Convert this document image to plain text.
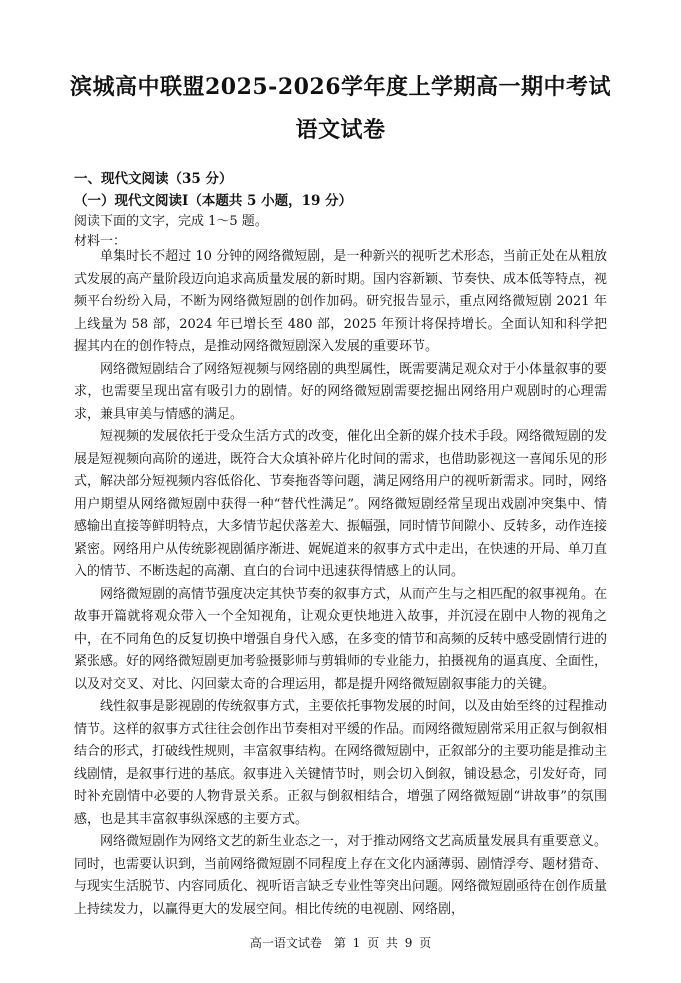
滨城高中联盟2025-2026学年度上学期高一期中考试
语文试卷
一、现代文阅读（35 分）
（一）现代文阅读Ⅰ（本题共 5 小题，19 分）
阅读下面的文字，完成 1～5 题。
材料一：

单集时长不超过 10 分钟的网络微短剧，是一种新兴的视听艺术形态，当前正处在从粗放式发展的高产量阶段迈向追求高质量发展的新时期。国内容新颖、节奏快、成本低等特点，视频平台纷纷入局，不断为网络微短剧的创作加码。研究报告显示，重点网络微短剧 2021 年上线量为 58 部，2024 年已增长至 480 部，2025 年预计将保持增长。全面认知和科学把握其内在的创作特点，是推动网络微短剧深入发展的重要环节。

网络微短剧结合了网络短视频与网络剧的典型属性，既需要满足观众对于小体量叙事的要求，也需要呈现出富有吸引力的剧情。好的网络微短剧需要挖掘出网络用户观剧时的心理需求，兼具审美与情感的满足。

短视频的发展依托于受众生活方式的改变，催化出全新的媒介技术手段。网络微短剧的发展是短视频向高阶的递进，既符合大众填补碎片化时间的需求，也借助影视这一喜闻乐见的形式，解决部分短视频内容低俗化、节奏拖沓等问题，满足网络用户的视听新需求。同时，网络用户期望从网络微短剧中获得一种“替代性满足”。网络微短剧经常呈现出戏剧冲突集中、情感输出直接等鲜明特点，大多情节起伏落差大、振幅强，同时情节间隙小、反转多，动作连接紧密。网络用户从传统影视剧循序渐进、娓娓道来的叙事方式中走出，在快速的开局、单刀直入的情节、不断迭起的高潮、直白的台词中迅速获得情感上的认同。

网络微短剧的高情节强度决定其快节奏的叙事方式，从而产生与之相匹配的叙事视角。在故事开篇就将观众带入一个全知视角，让观众更快地进入故事，并沉浸在剧中人物的视角之中，在不同角色的反复切换中增强自身代入感，在多变的情节和高频的反转中感受剧情行进的紧张感。好的网络微短剧更加考验摄影师与剪辑师的专业能力，拍摄视角的逼真度、全面性，以及对交叉、对比、闪回蒙太奇的合理运用，都是提升网络微短剧叙事能力的关键。

线性叙事是影视剧的传统叙事方式，主要依托事物发展的时间，以及由始至终的过程推动情节。这样的叙事方式往往会创作出节奏相对平缓的作品。而网络微短剧常采用正叙与倒叙相结合的形式，打破线性规则，丰富叙事结构。在网络微短剧中，正叙部分的主要功能是推动主线剧情，是叙事行进的基底。叙事进入关键情节时，则会切入倒叙，铺设悬念，引发好奇，同时补充剧情中必要的人物背景关系。正叙与倒叙相结合，增强了网络微短剧“讲故事”的氛围感，也是其丰富叙事纵深感的主要方式。

网络微短剧作为网络文艺的新生业态之一，对于推动网络文艺高质量发展具有重要意义。同时，也需要认识到，当前网络微短剧不同程度上存在文化内涵薄弱、剧情浮夸、题材猎奇、与现实生活脱节、内容同质化、视听语言缺乏专业性等突出问题。网络微短剧亟待在创作质量上持续发力，以赢得更大的发展空间。相比传统的电视剧、网络剧，

高一语文试卷　第 1 页 共 9 页
